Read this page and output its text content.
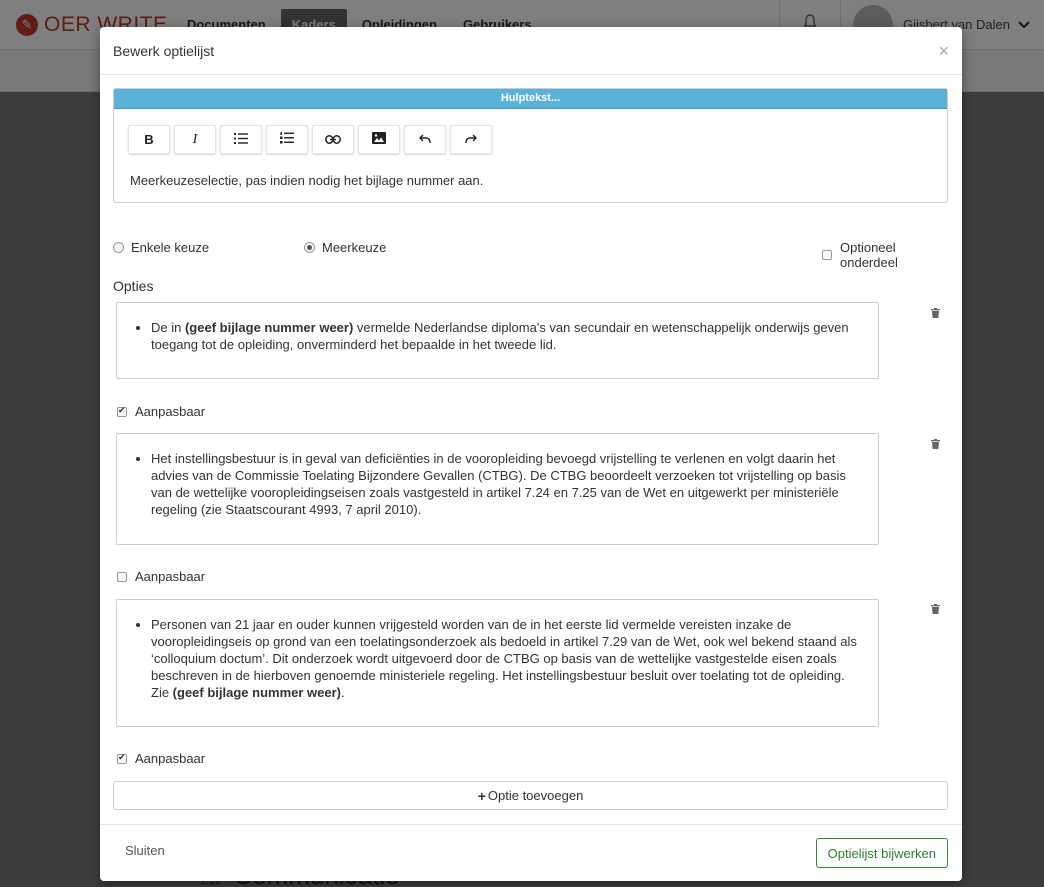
Bewerk optielijst	×
Hulptekst...
B	I
Meerkeuzeselectie, pas indien nodig het bijlage nummer aan.
Enkele keuze	Meerkeuze	Optioneel onderdeel
Opties
• De in (geef bijlage nummer weer) vermelde Nederlandse diploma's van secundair en wetenschappelijk onderwijs geven toegang tot de opleiding, onverminderd het bepaalde in het tweede lid.
✔
Aanpasbaar
• Het instellingsbestuur is in geval van deficiënties in de vooropleiding bevoegd vrijstelling te verlenen en volgt daarin het advies van de Commissie Toelating Bijzondere Gevallen (CTBG). De CTBG beoordeelt verzoeken tot vrijstelling op basis van de wettelijke vooropleidingseisen zoals vastgesteld in artikel 7.24 en 7.25 van de Wet en uitgewerkt per ministeriële regeling (zie Staatscourant 4993, 7 april 2010).
Aanpasbaar
• Personen van 21 jaar en ouder kunnen vrijgesteld worden van de in het eerste lid vermelde vereisten inzake de vooropleidingseis op grond van een toelatingsonderzoek als bedoeld in artikel 7.29 van de Wet, ook wel bekend staand als ‘colloquium doctum’. Dit onderzoek wordt uitgevoerd door de CTBG op basis van de wettelijke vastgestelde eisen zoals beschreven in de hierboven genoemde ministeriele regeling. Het instellingsbestuur besluit over toelating tot de opleiding. Zie (geef bijlage nummer weer).
✔
Aanpasbaar
+ Optie toevoegen
Sluiten	Optielijst bijwerken
